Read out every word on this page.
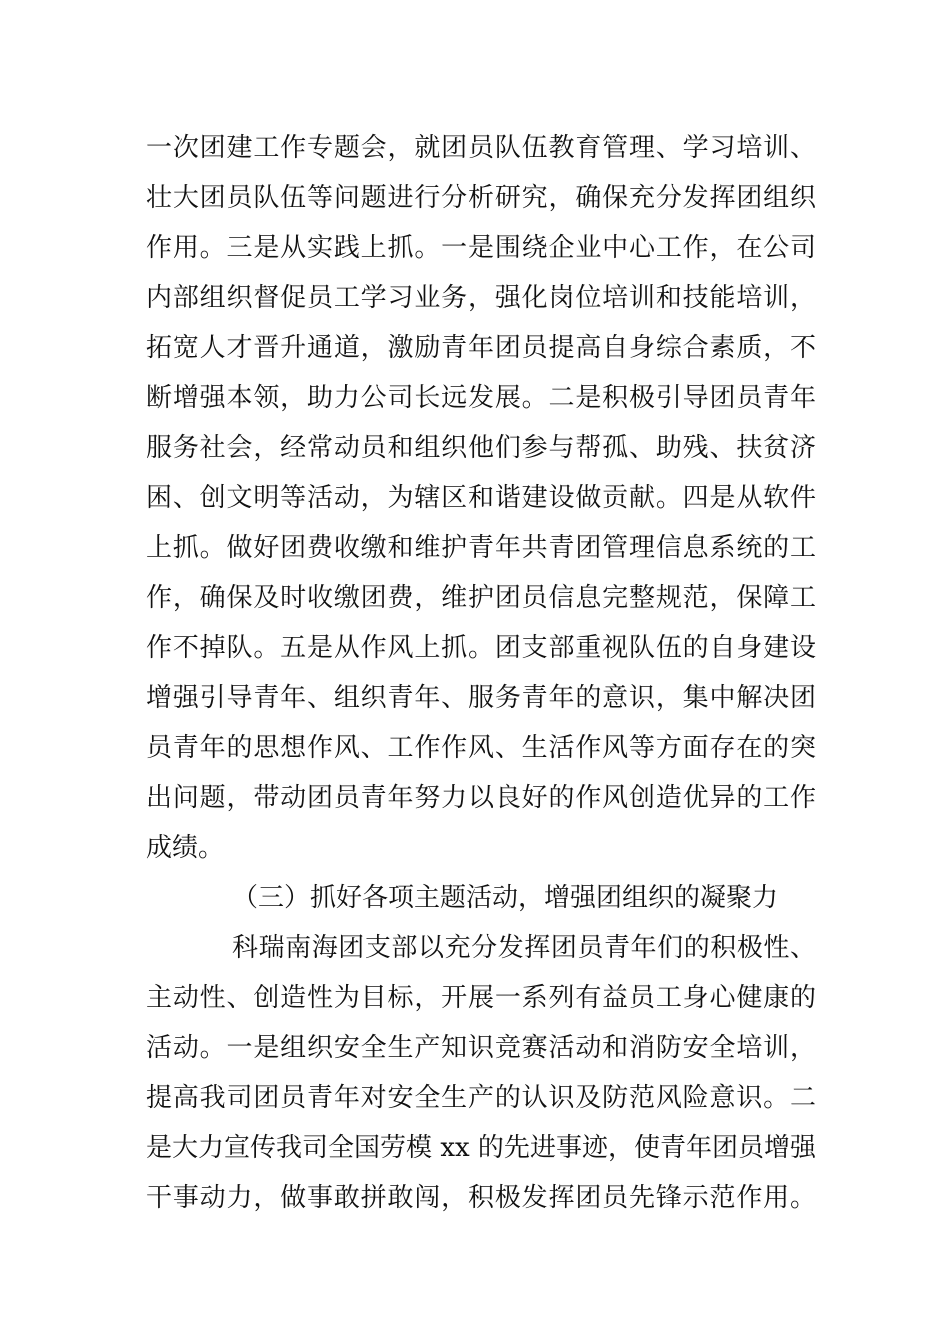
一次团建工作专题会，就团员队伍教育管理、学习培训、
壮大团员队伍等问题进行分析研究，确保充分发挥团组织
作用。三是从实践上抓。一是围绕企业中心工作，在公司
内部组织督促员工学习业务，强化岗位培训和技能培训，
拓宽人才晋升通道，激励青年团员提高自身综合素质，不
断增强本领，助力公司长远发展。二是积极引导团员青年
服务社会，经常动员和组织他们参与帮孤、助残、扶贫济
困、创文明等活动，为辖区和谐建设做贡献。四是从软件
上抓。做好团费收缴和维护青年共青团管理信息系统的工
作，确保及时收缴团费，维护团员信息完整规范，保障工
作不掉队。五是从作风上抓。团支部重视队伍的自身建设
增强引导青年、组织青年、服务青年的意识，集中解决团
员青年的思想作风、工作作风、生活作风等方面存在的突
出问题，带动团员青年努力以良好的作风创造优异的工作
成绩。
（三）抓好各项主题活动，增强团组织的凝聚力
科瑞南海团支部以充分发挥团员青年们的积极性、
主动性、创造性为目标，开展一系列有益员工身心健康的
活动。一是组织安全生产知识竞赛活动和消防安全培训，
提高我司团员青年对安全生产的认识及防范风险意识。二
是大力宣传我司全国劳模 xx 的先进事迹，使青年团员增强
干事动力，做事敢拼敢闯，积极发挥团员先锋示范作用。
